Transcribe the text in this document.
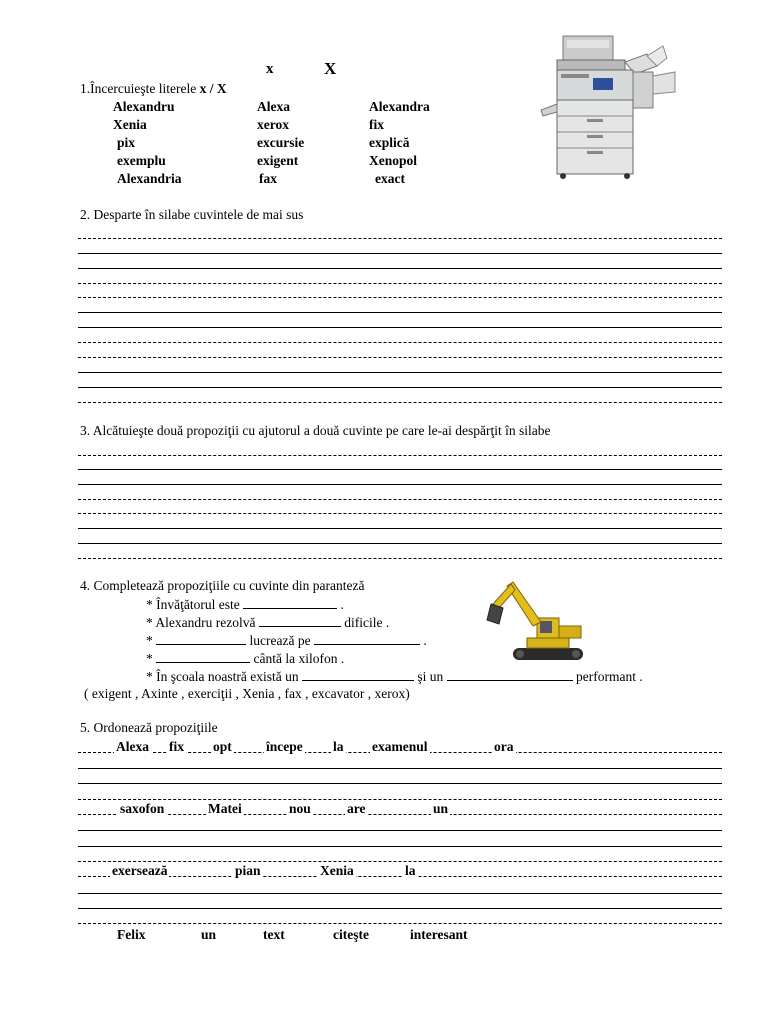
x	X
1.Încercuieşte literele x / X
Alexandru	Alexa	Alexandra
Xenia	xerox	fix
pix	excursie	explică
exemplu	exigent	Xenopol
Alexandria	fax	exact
2. Desparte în silabe cuvintele de mai sus
3. Alcătuieşte două propoziţii cu ajutorul a două cuvinte pe care le-ai despărţit în silabe
4. Completează propoziţiile cu cuvinte din paranteză
* Învăţătorul este	.
* Alexandru rezolvă	dificile .
*	lucrează pe	.
*	cântă la xilofon .
* În şcoala noastră există un	şi un	performant .
( exigent , Axinte , exerciţii , Xenia , fax , excavator , xerox)
5. Ordonează propoziţiile
Alexa fix opt	începe la examenul	ora
saxofon	Matei	nou	are	un
exersează	pian	Xenia	la
Felix	un	text	citeşte	interesant
